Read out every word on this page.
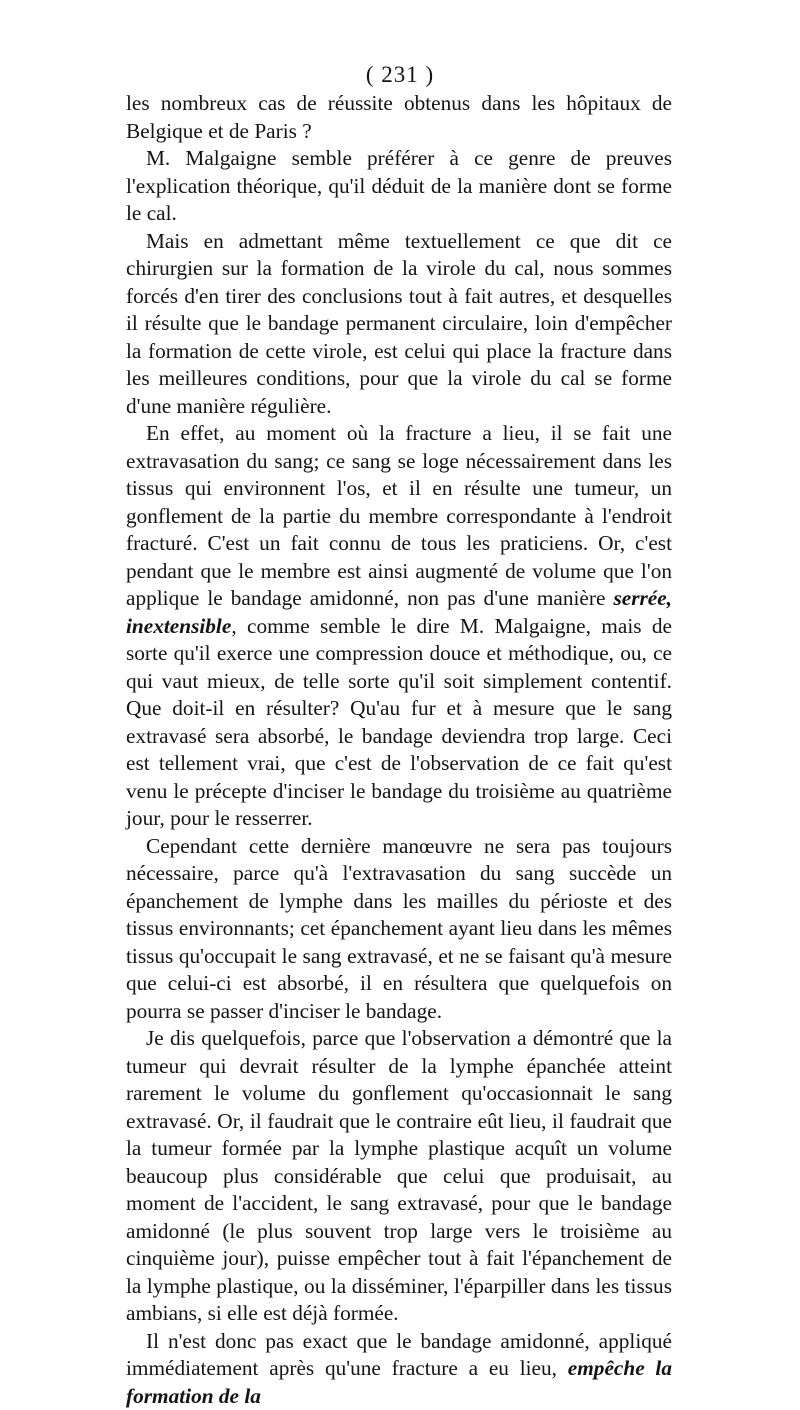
( 231 )

les nombreux cas de réussite obtenus dans les hôpitaux de Belgique et de Paris ?

M. Malgaigne semble préférer à ce genre de preuves l'explication théorique, qu'il déduit de la manière dont se forme le cal.

Mais en admettant même textuellement ce que dit ce chirurgien sur la formation de la virole du cal, nous sommes forcés d'en tirer des conclusions tout à fait autres, et desquelles il résulte que le bandage permanent circulaire, loin d'empêcher la formation de cette virole, est celui qui place la fracture dans les meilleures conditions, pour que la virole du cal se forme d'une manière régulière.

En effet, au moment où la fracture a lieu, il se fait une extravasation du sang; ce sang se loge nécessairement dans les tissus qui environnent l'os, et il en résulte une tumeur, un gonflement de la partie du membre correspondante à l'endroit fracturé. C'est un fait connu de tous les praticiens. Or, c'est pendant que le membre est ainsi augmenté de volume que l'on applique le bandage amidonné, non pas d'une manière serrée, inextensible, comme semble le dire M. Malgaigne, mais de sorte qu'il exerce une compression douce et méthodique, ou, ce qui vaut mieux, de telle sorte qu'il soit simplement contentif. Que doit-il en résulter? Qu'au fur et à mesure que le sang extravasé sera absorbé, le bandage deviendra trop large. Ceci est tellement vrai, que c'est de l'observation de ce fait qu'est venu le précepte d'inciser le bandage du troisième au quatrième jour, pour le resserrer.

Cependant cette dernière manœuvre ne sera pas toujours nécessaire, parce qu'à l'extravasation du sang succède un épanchement de lymphe dans les mailles du périoste et des tissus environnants; cet épanchement ayant lieu dans les mêmes tissus qu'occupait le sang extravasé, et ne se faisant qu'à mesure que celui-ci est absorbé, il en résultera que quelquefois on pourra se passer d'inciser le bandage.

Je dis quelquefois, parce que l'observation a démontré que la tumeur qui devrait résulter de la lymphe épanchée atteint rarement le volume du gonflement qu'occasionnait le sang extravasé. Or, il faudrait que le contraire eût lieu, il faudrait que la tumeur formée par la lymphe plastique acquît un volume beaucoup plus considérable que celui que produisait, au moment de l'accident, le sang extravasé, pour que le bandage amidonné (le plus souvent trop large vers le troisième au cinquième jour), puisse empêcher tout à fait l'épanchement de la lymphe plastique, ou la disséminer, l'éparpiller dans les tissus ambians, si elle est déjà formée.

Il n'est donc pas exact que le bandage amidonné, appliqué immédiatement après qu'une fracture a eu lieu, empêche la formation de la
